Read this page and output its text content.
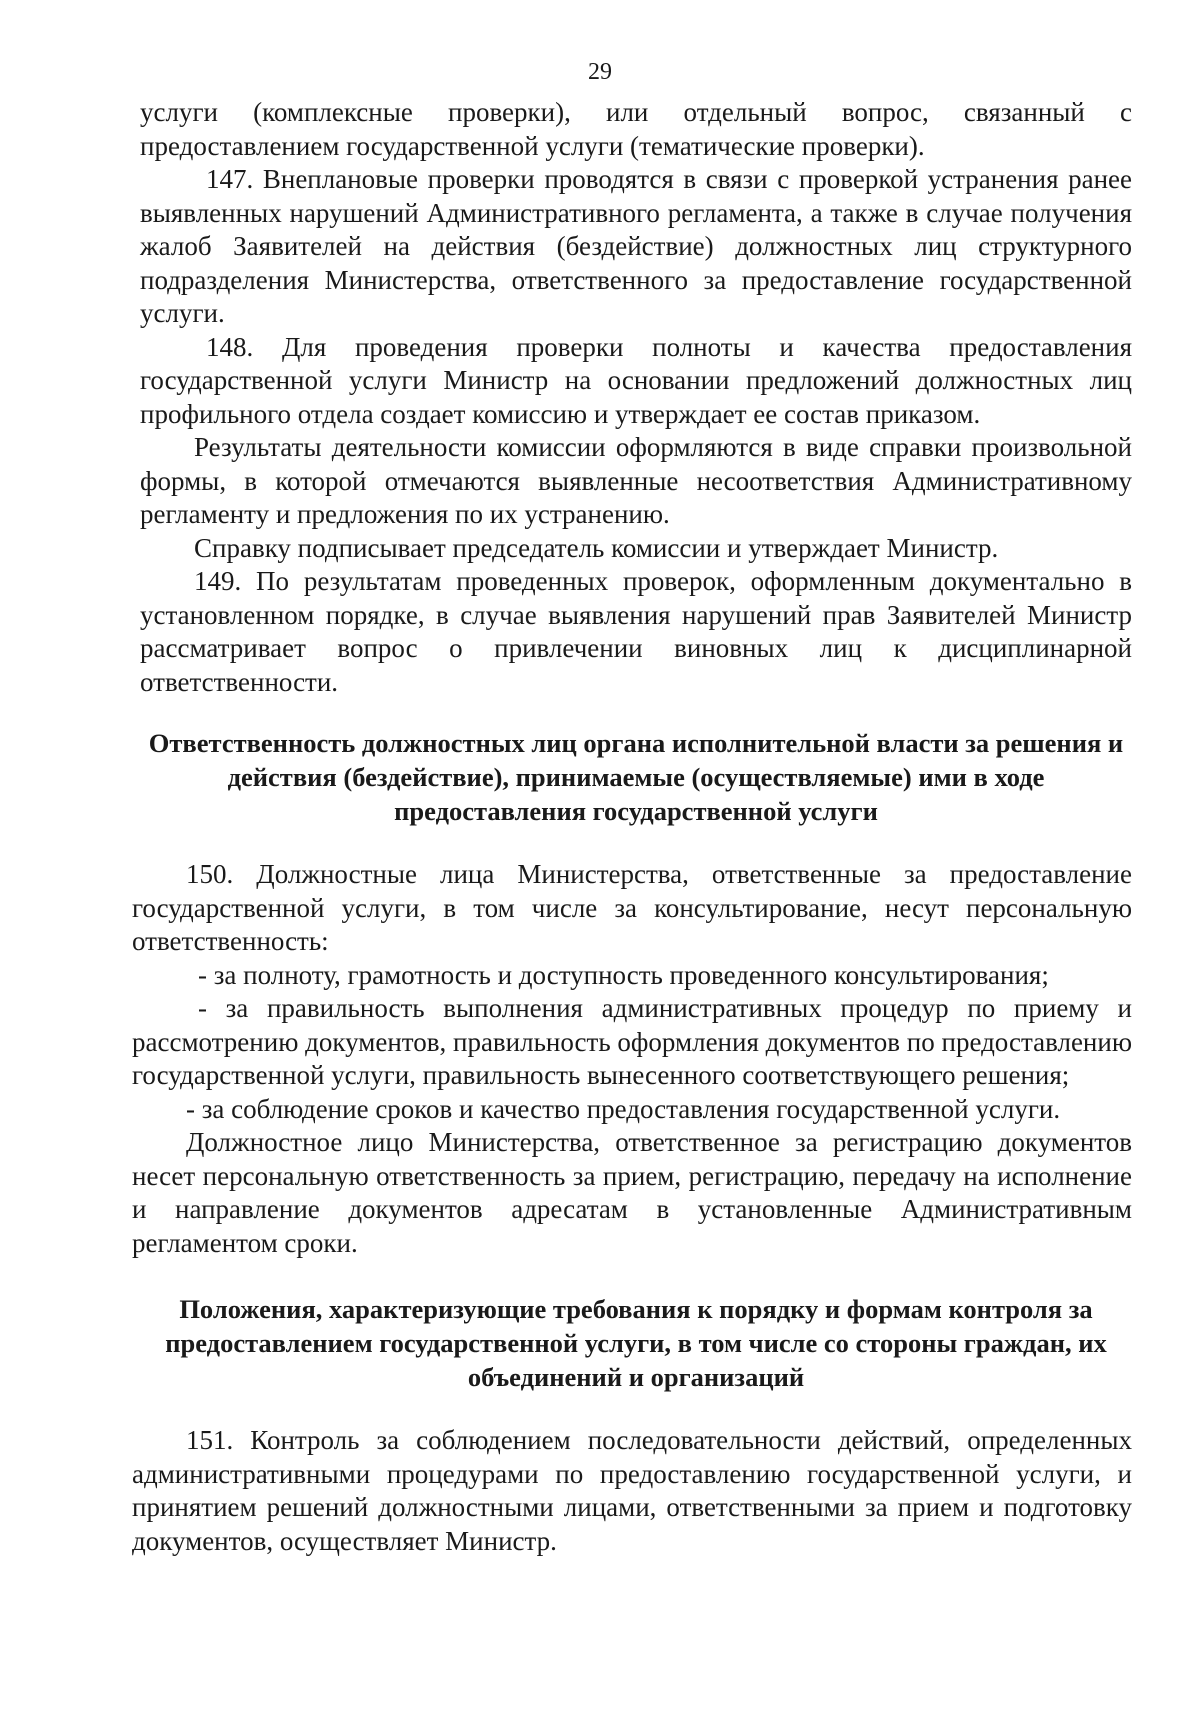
29

услуги (комплексные проверки), или отдельный вопрос, связанный с предоставлением государственной услуги (тематические проверки).

147. Внеплановые проверки проводятся в связи с проверкой устранения ранее выявленных нарушений Административного регламента, а также в случае получения жалоб Заявителей на действия (бездействие) должностных лиц структурного подразделения Министерства, ответственного за предоставление государственной услуги.

148. Для проведения проверки полноты и качества предоставления государственной услуги Министр на основании предложений должностных лиц профильного отдела создает комиссию и утверждает ее состав приказом.

Результаты деятельности комиссии оформляются в виде справки произвольной формы, в которой отмечаются выявленные несоответствия Административному регламенту и предложения по их устранению.

Справку подписывает председатель комиссии и утверждает Министр.

149. По результатам проведенных проверок, оформленным документально в установленном порядке, в случае выявления нарушений прав Заявителей Министр рассматривает вопрос о привлечении виновных лиц к дисциплинарной ответственности.

Ответственность должностных лиц органа исполнительной власти за решения и действия (бездействие), принимаемые (осуществляемые) ими в ходе предоставления государственной услуги

150. Должностные лица Министерства, ответственные за предоставление государственной услуги, в том числе за консультирование, несут персональную ответственность:

- за полноту, грамотность и доступность проведенного консультирования;

- за правильность выполнения административных процедур по приему и рассмотрению документов, правильность оформления документов по предоставлению государственной услуги, правильность вынесенного соответствующего решения;

- за соблюдение сроков и качество предоставления государственной услуги.

Должностное лицо Министерства, ответственное за регистрацию документов несет персональную ответственность за прием, регистрацию, передачу на исполнение и направление документов адресатам в установленные Административным регламентом сроки.

Положения, характеризующие требования к порядку и формам контроля за предоставлением государственной услуги, в том числе со стороны граждан, их объединений и организаций

151. Контроль за соблюдением последовательности действий, определенных административными процедурами по предоставлению государственной услуги, и принятием решений должностными лицами, ответственными за прием и подготовку документов, осуществляет Министр.
